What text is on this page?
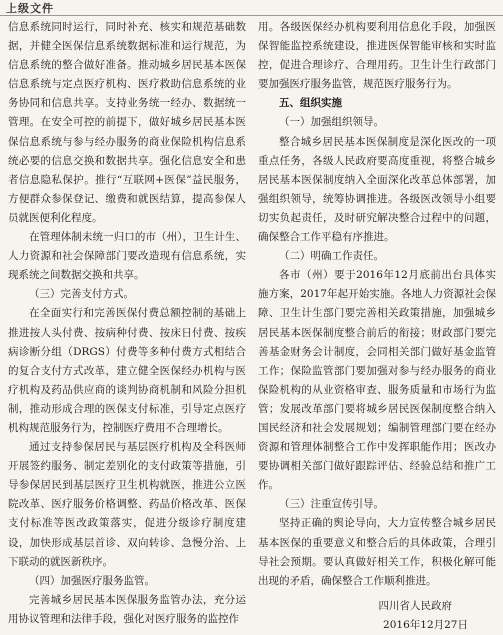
上级文件

信息系统同时运行，同时补充、核实和规范基础数据，并健全医保信息系统数据标准和运行规范，为信息系统的整合做好准备。推动城乡居民基本医保信息系统与定点医疗机构、医疗救助信息系统的业务协同和信息共享。支持业务统一经办、数据统一管理。在安全可控的前提下，做好城乡居民基本医保信息系统与参与经办服务的商业保险机构信息系统必要的信息交换和数据共享。强化信息安全和患者信息隐私保护。推行“互联网+医保”益民服务，方便群众参保登记、缴费和就医结算，提高参保人员就医便利化程度。

在管理体制未统一归口的市（州），卫生计生、人力资源和社会保障部门要改造现有信息系统，实现系统之间数据交换和共享。

（三）完善支付方式。

在全面实行和完善医保付费总额控制的基础上推进按人头付费、按病种付费、按床日付费、按疾病诊断分组（DRGS）付费等多种付费方式相结合的复合支付方式改革，建立健全医保经办机构与医疗机构及药品供应商的谈判协商机制和风险分担机制，推动形成合理的医保支付标准，引导定点医疗机构规范服务行为，控制医疗费用不合理增长。

通过支持参保居民与基层医疗机构及全科医师开展签约服务、制定差别化的支付政策等措施，引导参保居民到基层医疗卫生机构就医，推进公立医院改革、医疗服务价格调整、药品价格改革、医保支付标准等医改政策落实，促进分级诊疗制度建设，加快形成基层首诊、双向转诊、急慢分治、上下联动的就医新秩序。

（四）加强医疗服务监管。

完善城乡居民基本医保服务监管办法，充分运用协议管理和法律手段，强化对医疗服务的监控作

用。各级医保经办机构要利用信息化手段，加强医保智能监控系统建设，推进医保智能审核和实时监控，促进合理诊疗、合理用药。卫生计生行政部门要加强医疗服务监管，规范医疗服务行为。

五、组织实施

（一）加强组织领导。

整合城乡居民基本医保制度是深化医改的一项重点任务，各级人民政府要高度重视，将整合城乡居民基本医保制度纳入全面深化改革总体部署，加强组织领导，统筹协调推进。各级医改领导小组要切实负起责任，及时研究解决整合过程中的问题，确保整合工作平稳有序推进。

（二）明确工作责任。

各市（州）要于2016年12月底前出台具体实施方案，2017年起开始实施。各地人力资源社会保障、卫生计生部门要完善相关政策措施，加强城乡居民基本医保制度整合前后的衔接；财政部门要完善基金财务会计制度，会同相关部门做好基金监管工作；保险监管部门要加强对参与经办服务的商业保险机构的从业资格审查、服务质量和市场行为监管；发展改革部门要将城乡居民医保制度整合纳入国民经济和社会发展规划；编制管理部门要在经办资源和管理体制整合工作中发挥职能作用；医改办要协调相关部门做好跟踪评估、经验总结和推广工作。

（三）注重宣传引导。

坚持正确的舆论导向，大力宣传整合城乡居民基本医保的重要意义和整合后的具体政策，合理引导社会预期。要认真做好相关工作，积极化解可能出现的矛盾，确保整合工作顺利推进。

四川省人民政府
2016年12月27日
